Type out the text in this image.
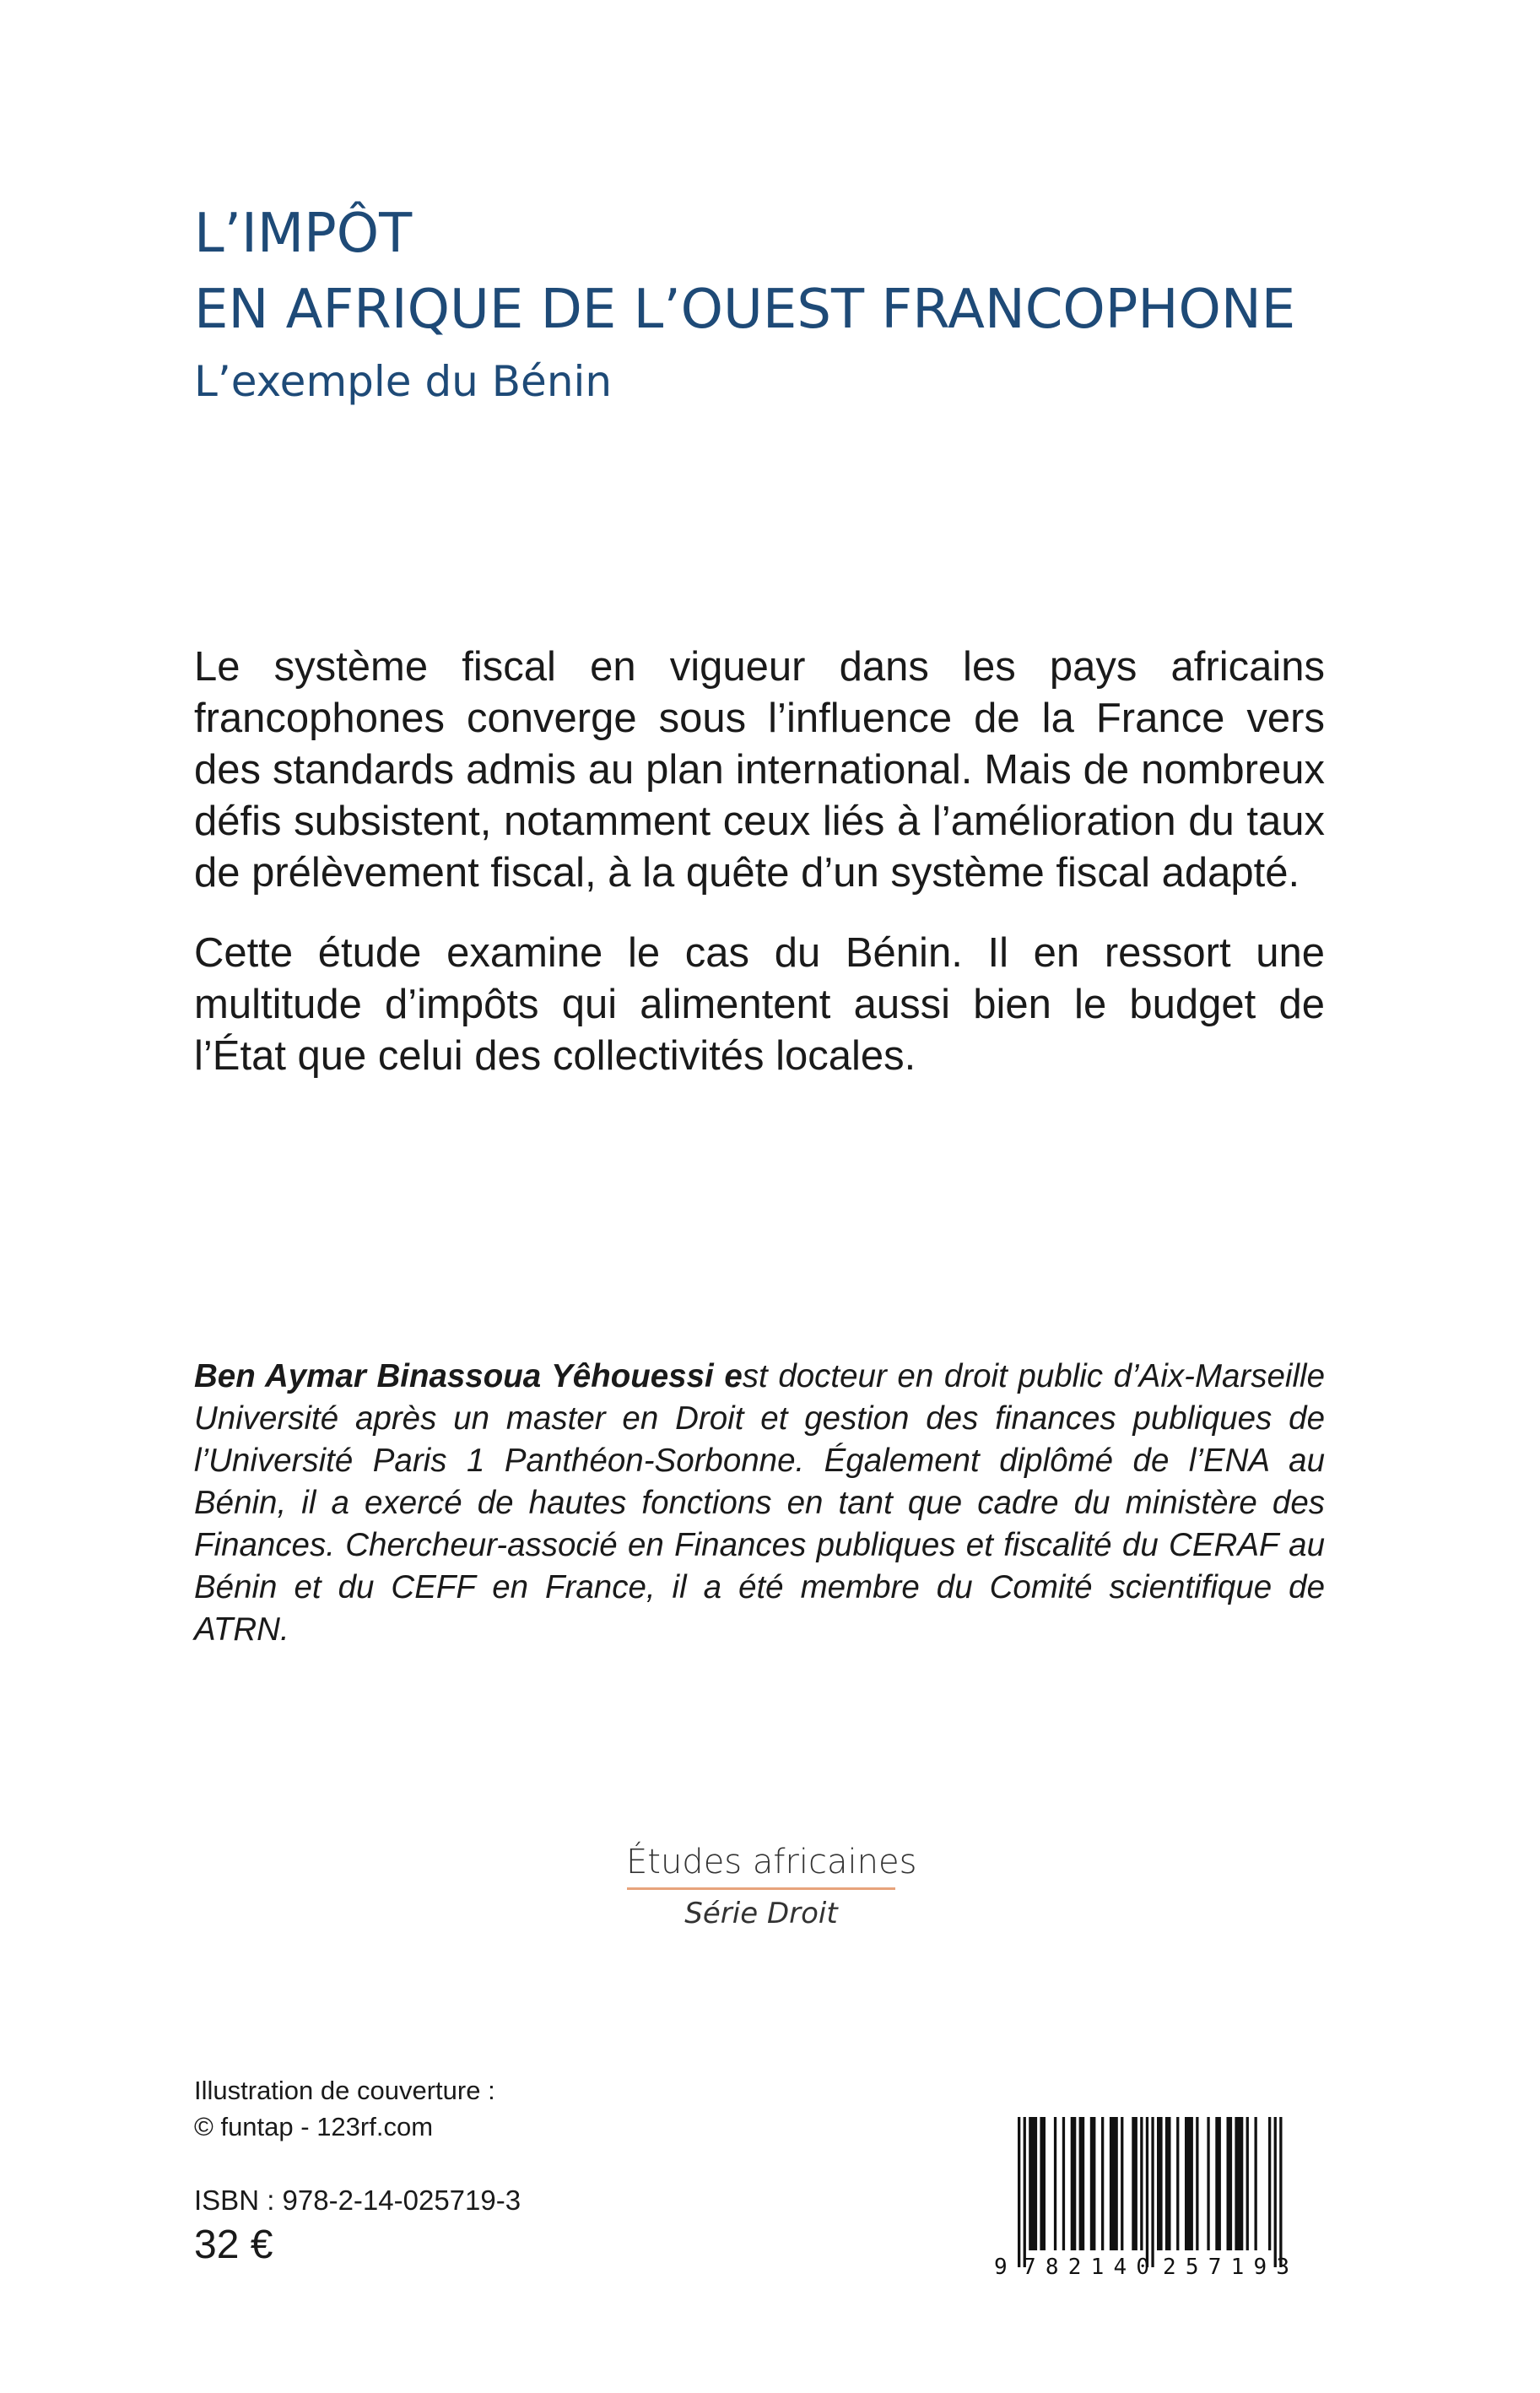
L’IMPÔT
EN AFRIQUE DE L’OUEST FRANCOPHONE
L’exemple du Bénin

Le système fiscal en vigueur dans les pays africains francophones converge sous l’influence de la France vers des standards admis au plan international. Mais de nombreux défis subsistent, notamment ceux liés à l’amélioration du taux de prélèvement fiscal, à la quête d’un système fiscal adapté.

Cette étude examine le cas du Bénin. Il en ressort une multitude d’impôts qui alimentent aussi bien le budget de l’État que celui des collectivités locales.

Ben Aymar Binassoua Yêhouessi est docteur en droit public d’Aix-Marseille Université après un master en Droit et gestion des finances publiques de l’Université Paris 1 Panthéon-Sorbonne. Également diplômé de l’ENA au Bénin, il a exercé de hautes fonctions en tant que cadre du ministère des Finances. Chercheur-associé en Finances publiques et fiscalité du CERAF au Bénin et du CEFF en France, il a été membre du Comité scientifique de ATRN.
Études africaines
Série Droit
Illustration de couverture :
© funtap - 123rf.com
ISBN : 978-2-14-025719-3
32 €	9 782140 257193
